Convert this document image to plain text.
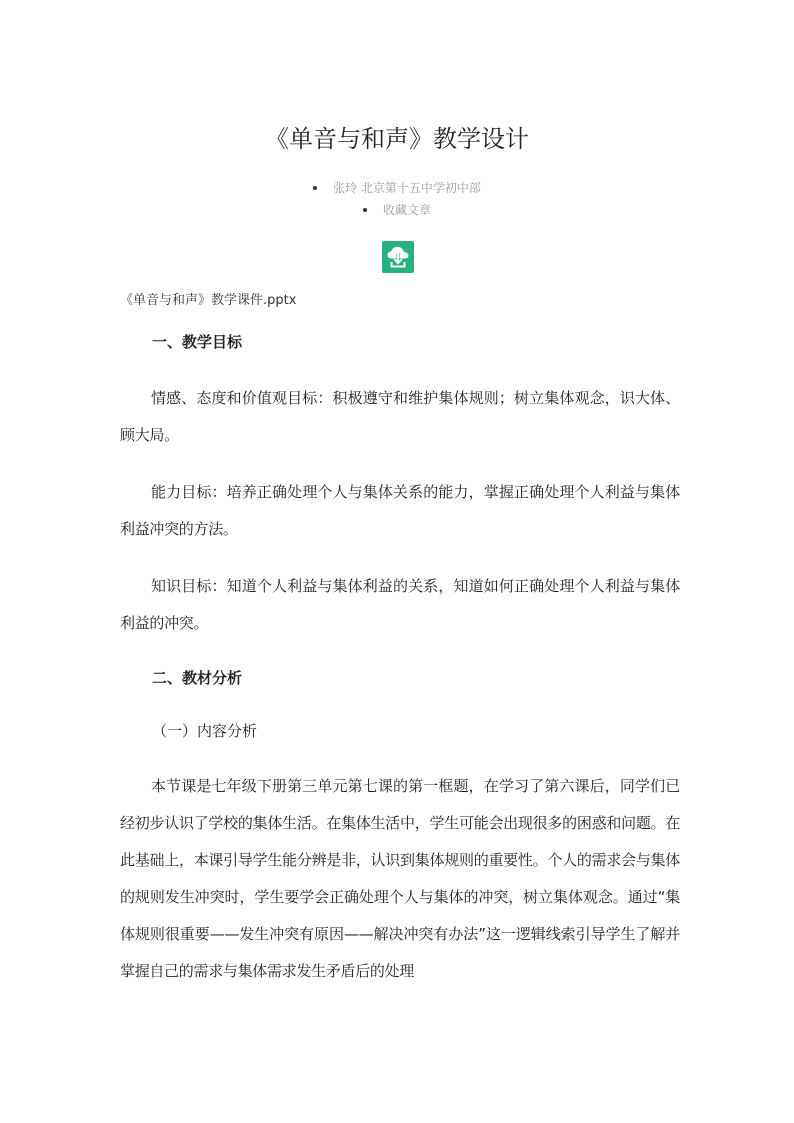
《单音与和声》教学设计
张玲 北京第十五中学初中部
收藏文章
《单音与和声》教学课件.pptx
一、教学目标

情感、态度和价值观目标：积极遵守和维护集体规则；树立集体观念，识大体、顾大局。

能力目标：培养正确处理个人与集体关系的能力，掌握正确处理个人利益与集体利益冲突的方法。

知识目标：知道个人利益与集体利益的关系，知道如何正确处理个人利益与集体利益的冲突。

二、教材分析
（一）内容分析

本节课是七年级下册第三单元第七课的第一框题，在学习了第六课后，同学们已经初步认识了学校的集体生活。在集体生活中，学生可能会出现很多的困惑和问题。在此基础上，本课引导学生能分辨是非，认识到集体规则的重要性。个人的需求会与集体的规则发生冲突时，学生要学会正确处理个人与集体的冲突，树立集体观念。通过“集体规则很重要——发生冲突有原因——解决冲突有办法”这一逻辑线索引导学生了解并掌握自己的需求与集体需求发生矛盾后的处理
